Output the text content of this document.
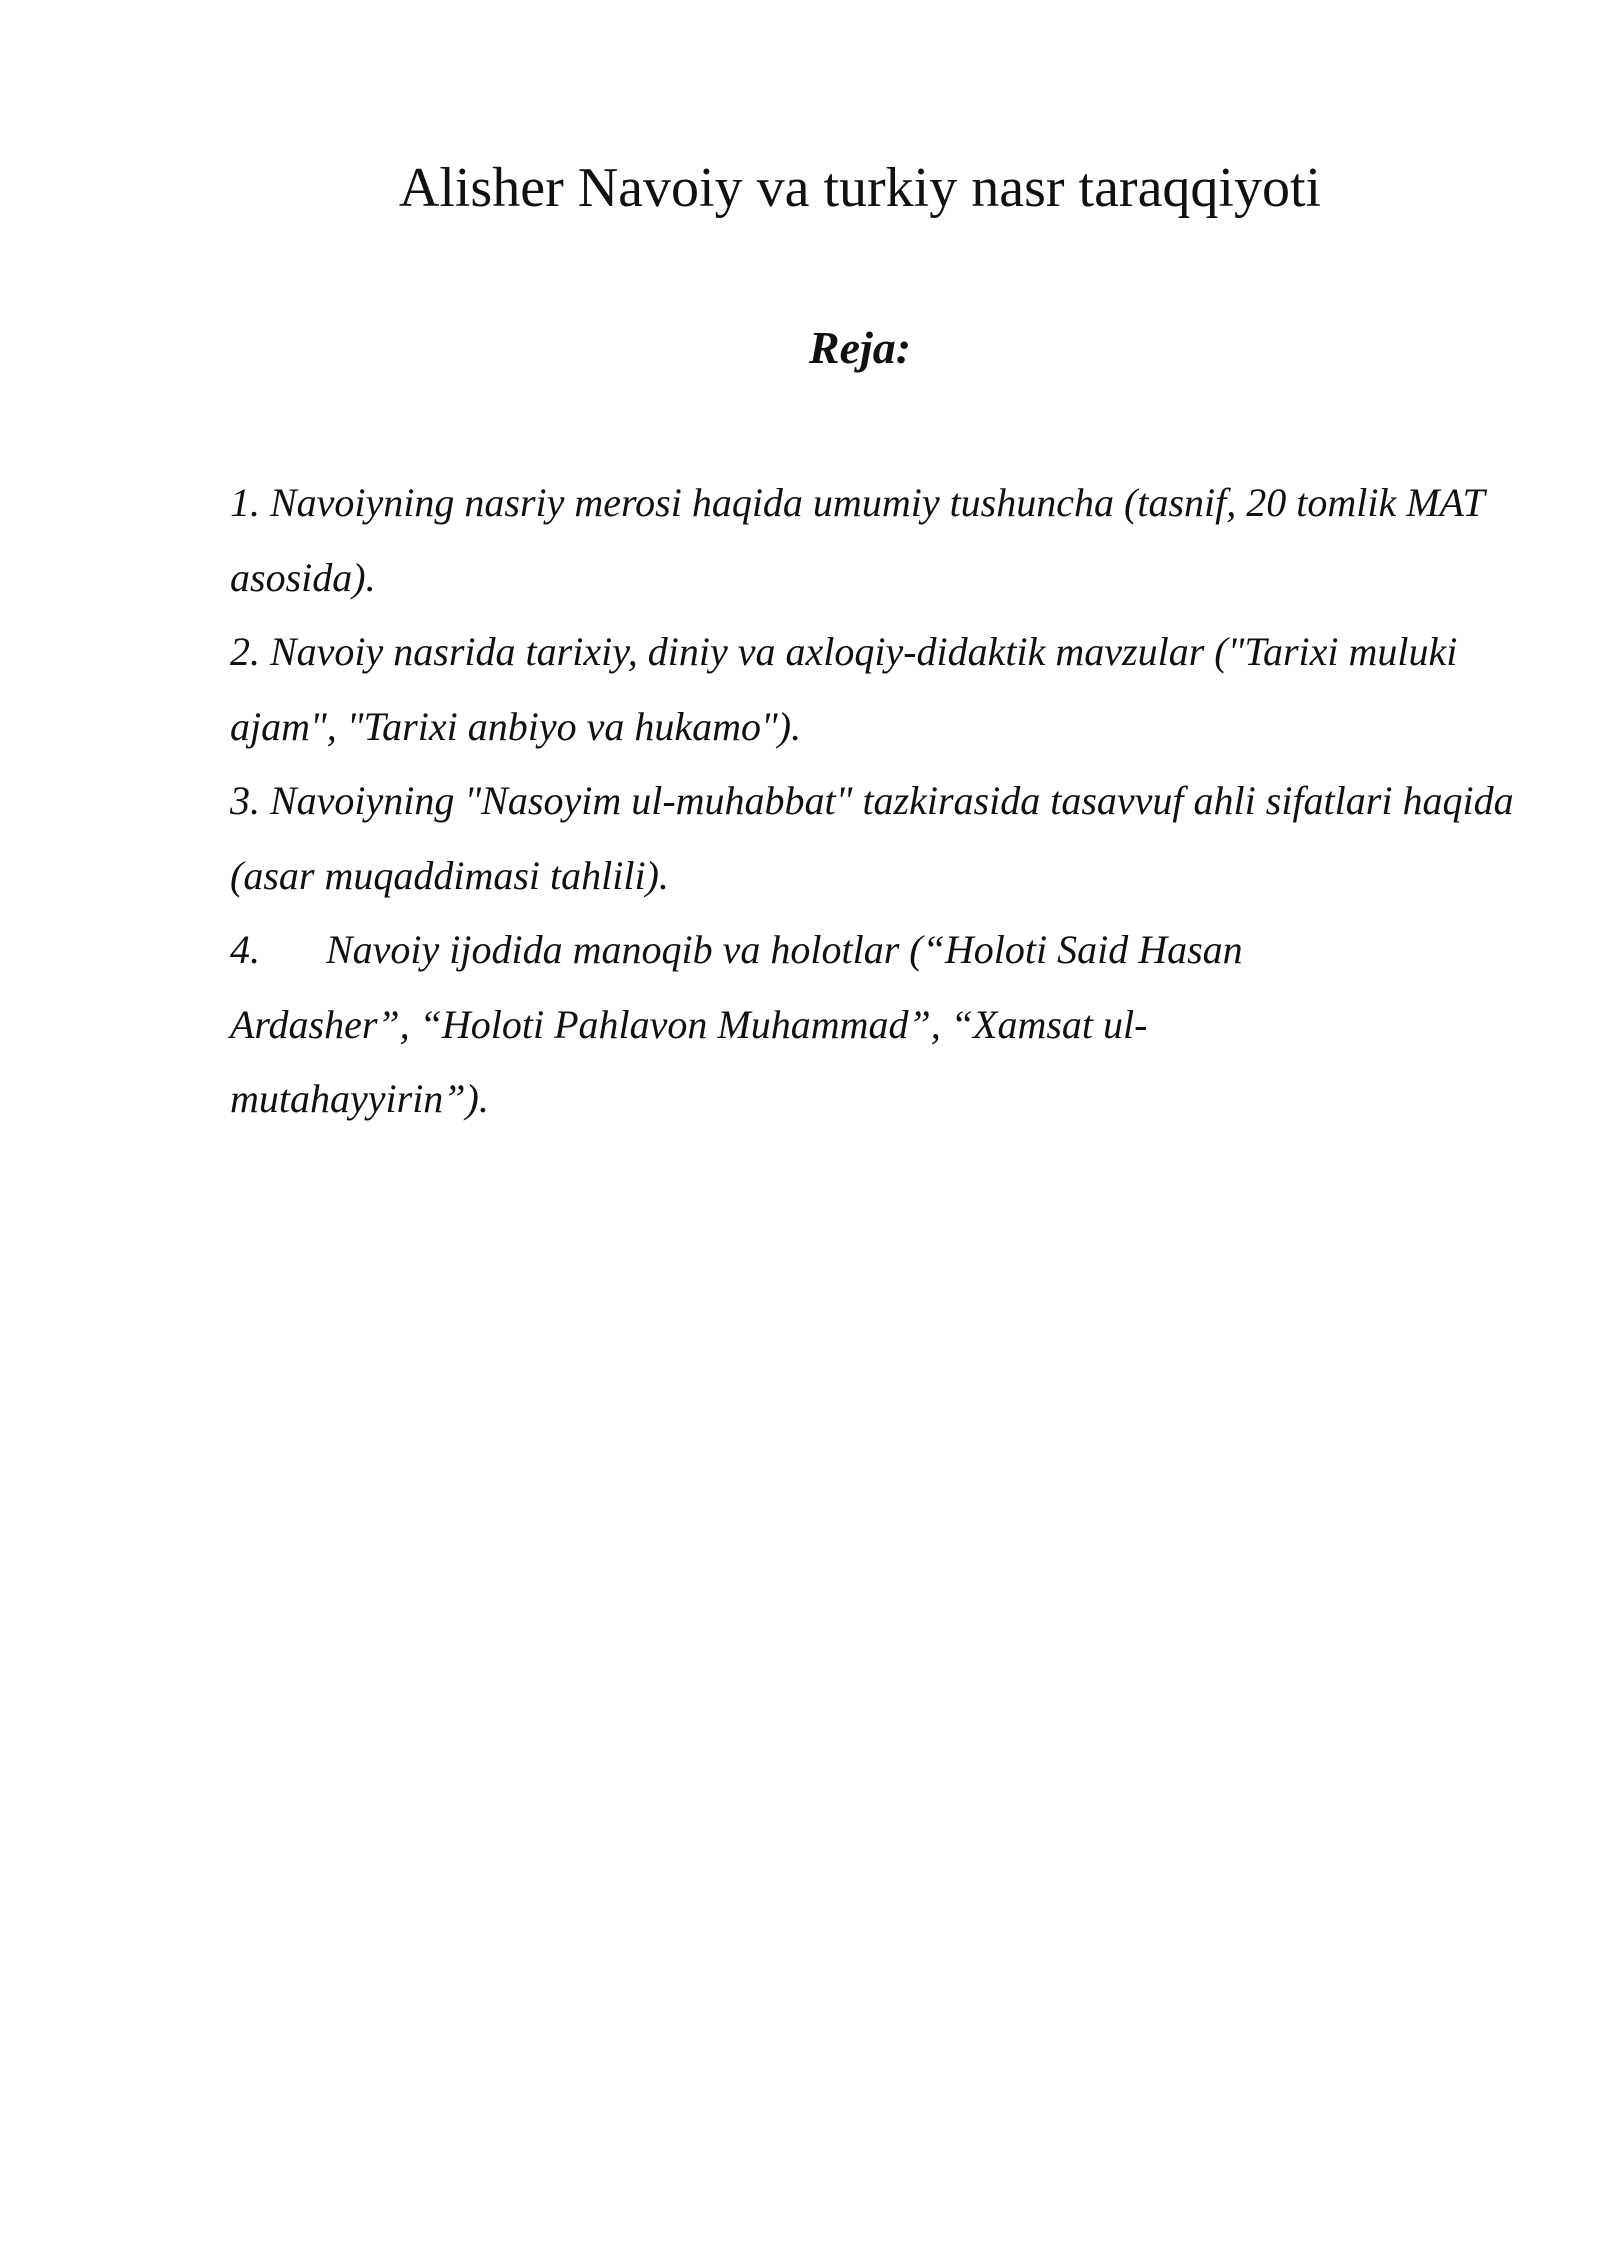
Alisher Navoiy va turkiy nasr taraqqiyoti
Reja:
1. Navoiyning nasriy merosi haqida umumiy tushuncha (tasnif, 20 tomlik MAT asosida).
2. Navoiy nasrida tarixiy, diniy va axloqiy-didaktik mavzular ("Tarixi muluki ajam", "Tarixi anbiyo va hukamo").
3. Navoiyning "Nasoyim ul-muhabbat" tazkirasida tasavvuf ahli sifatlari haqida (asar muqaddimasi tahlili).
4. Navoiy ijodida manoqib va holotlar (“Holoti Said Hasan Ardasher”, “Holoti Pahlavon Muhammad”, “Xamsat ul-mutahayyirin”).
